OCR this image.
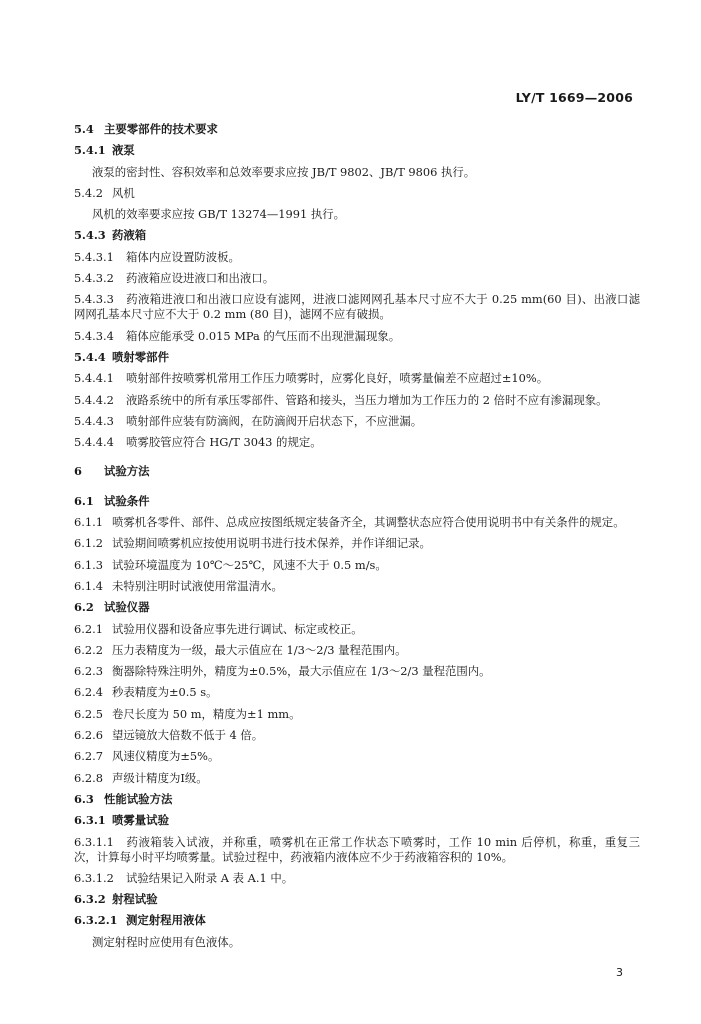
LY/T 1669—2006
5.4 主要零部件的技术要求
5.4.1 液泵
液泵的密封性、容积效率和总效率要求应按 JB/T 9802、JB/T 9806 执行。
5.4.2 风机
风机的效率要求应按 GB/T 13274—1991 执行。
5.4.3 药液箱
5.4.3.1 箱体内应设置防波板。
5.4.3.2 药液箱应设进液口和出液口。
5.4.3.3 药液箱进液口和出液口应设有滤网，进液口滤网网孔基本尺寸应不大于 0.25 mm(60 目)、出液口滤网网孔基本尺寸应不大于 0.2 mm (80 目)，滤网不应有破损。
5.4.3.4 箱体应能承受 0.015 MPa 的气压而不出现泄漏现象。
5.4.4 喷射零部件
5.4.4.1 喷射部件按喷雾机常用工作压力喷雾时，应雾化良好，喷雾量偏差不应超过±10%。
5.4.4.2 液路系统中的所有承压零部件、管路和接头，当压力增加为工作压力的 2 倍时不应有渗漏现象。
5.4.4.3 喷射部件应装有防滴阀，在防滴阀开启状态下，不应泄漏。
5.4.4.4 喷雾胶管应符合 HG/T 3043 的规定。
6 试验方法
6.1 试验条件
6.1.1 喷雾机各零件、部件、总成应按图纸规定装备齐全，其调整状态应符合使用说明书中有关条件的规定。
6.1.2 试验期间喷雾机应按使用说明书进行技术保养，并作详细记录。
6.1.3 试验环境温度为 10℃～25℃，风速不大于 0.5 m/s。
6.1.4 未特别注明时试液使用常温清水。
6.2 试验仪器
6.2.1 试验用仪器和设备应事先进行调试、标定或校正。
6.2.2 压力表精度为一级，最大示值应在 1/3～2/3 量程范围内。
6.2.3 衡器除特殊注明外，精度为±0.5%，最大示值应在 1/3～2/3 量程范围内。
6.2.4 秒表精度为±0.5 s。
6.2.5 卷尺长度为 50 m，精度为±1 mm。
6.2.6 望远镜放大倍数不低于 4 倍。
6.2.7 风速仪精度为±5%。
6.2.8 声级计精度为Ⅰ级。
6.3 性能试验方法
6.3.1 喷雾量试验
6.3.1.1 药液箱装入试液，并称重，喷雾机在正常工作状态下喷雾时，工作 10 min 后停机，称重，重复三次，计算每小时平均喷雾量。试验过程中，药液箱内液体应不少于药液箱容积的 10%。
6.3.1.2 试验结果记入附录 A 表 A.1 中。
6.3.2 射程试验
6.3.2.1 测定射程用液体
测定射程时应使用有色液体。
3
